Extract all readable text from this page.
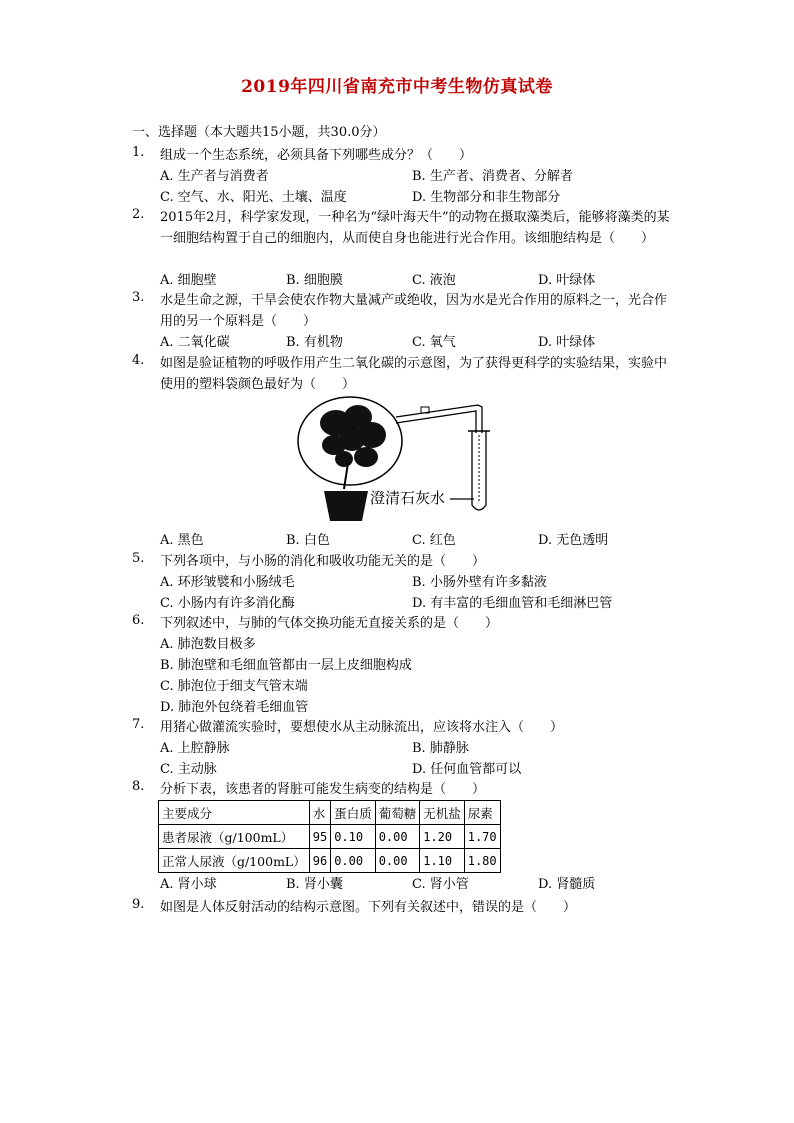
2019年四川省南充市中考生物仿真试卷
一、选择题（本大题共15小题，共30.0分）
1.	组成一个生态系统，必须具备下列哪些成分？（　　）
A. 生产者与消费者	B. 生产者、消费者、分解者
C. 空气、水、阳光、土壤、温度	D. 生物部分和非生物部分
2.	2015年2月，科学家发现，一种名为“绿叶海天牛”的动物在摄取藻类后，能够将藻类的某一细胞结构置于自己的细胞内，从而使自身也能进行光合作用。该细胞结构是（　　）
A. 细胞壁	B. 细胞膜	C. 液泡	D. 叶绿体
3.	水是生命之源，干旱会使农作物大量减产或绝收，因为水是光合作用的原料之一，光合作用的另一个原料是（　　）
A. 二氧化碳	B. 有机物	C. 氧气	D. 叶绿体
4.	如图是验证植物的呼吸作用产生二氧化碳的示意图，为了获得更科学的实验结果，实验中使用的塑料袋颜色最好为（　　）
A. 黑色	B. 白色	C. 红色	D. 无色透明
澄清石灰水
5.	下列各项中，与小肠的消化和吸收功能无关的是（　　）
A. 环形皱襞和小肠绒毛	B. 小肠外壁有许多黏液
C. 小肠内有许多消化酶	D. 有丰富的毛细血管和毛细淋巴管
6.	下列叙述中，与肺的气体交换功能无直接关系的是（　　）
A. 肺泡数目极多
B. 肺泡壁和毛细血管都由一层上皮细胞构成
C. 肺泡位于细支气管末端
D. 肺泡外包绕着毛细血管
7.	用猪心做灌流实验时，要想使水从主动脉流出，应该将水注入（　　）
A. 上腔静脉	B. 肺静脉
C. 主动脉	D. 任何血管都可以
8.	分析下表，该患者的肾脏可能发生病变的结构是（　　）
A. 肾小球	B. 肾小囊	C. 肾小管	D. 肾髓质
主要成分	水	蛋白质	葡萄糖	无机盐	尿素
患者尿液（g/100mL）	95	0.10	0.00	1.20	1.70
正常人尿液（g/100mL）	96	0.00	0.00	1.10	1.80
9.	如图是人体反射活动的结构示意图。下列有关叙述中，错误的是（　　）
